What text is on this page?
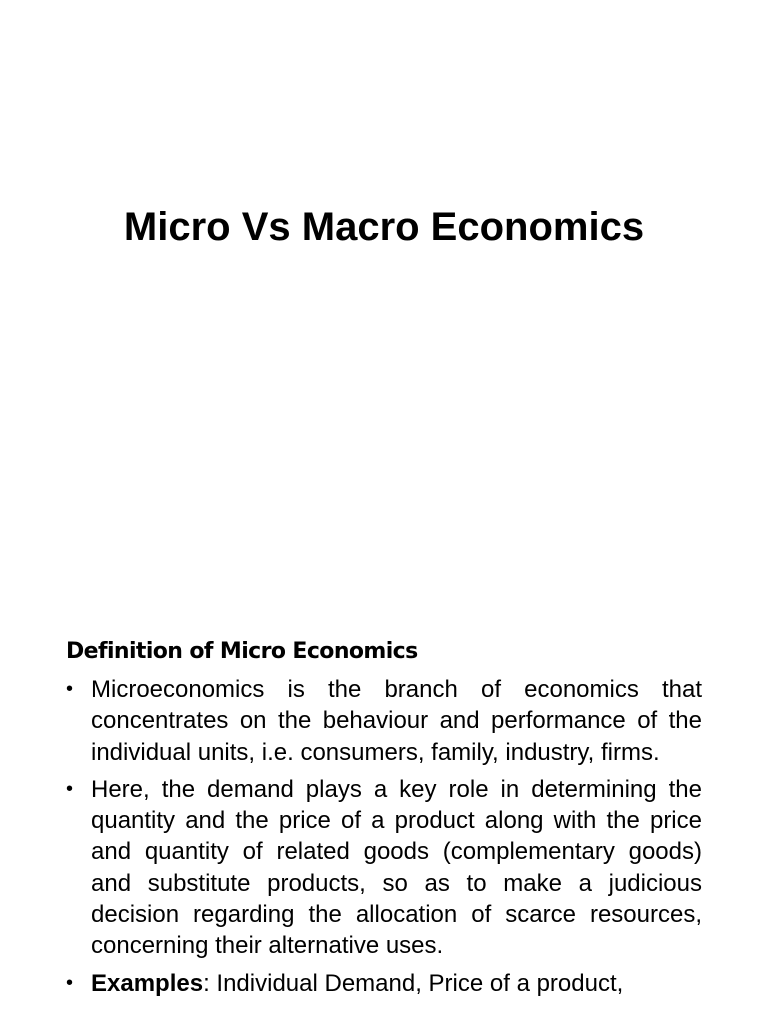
Micro Vs Macro Economics
Definition of Micro Economics
• Microeconomics is the branch of economics that concentrates on the behaviour and performance of the individual units, i.e. consumers, family, industry, firms.
• Here, the demand plays a key role in determining the quantity and the price of a product along with the price and quantity of related goods (complementary goods) and substitute products, so as to make a judicious decision regarding the allocation of scarce resources, concerning their alternative uses.
• Examples: Individual Demand, Price of a product,
